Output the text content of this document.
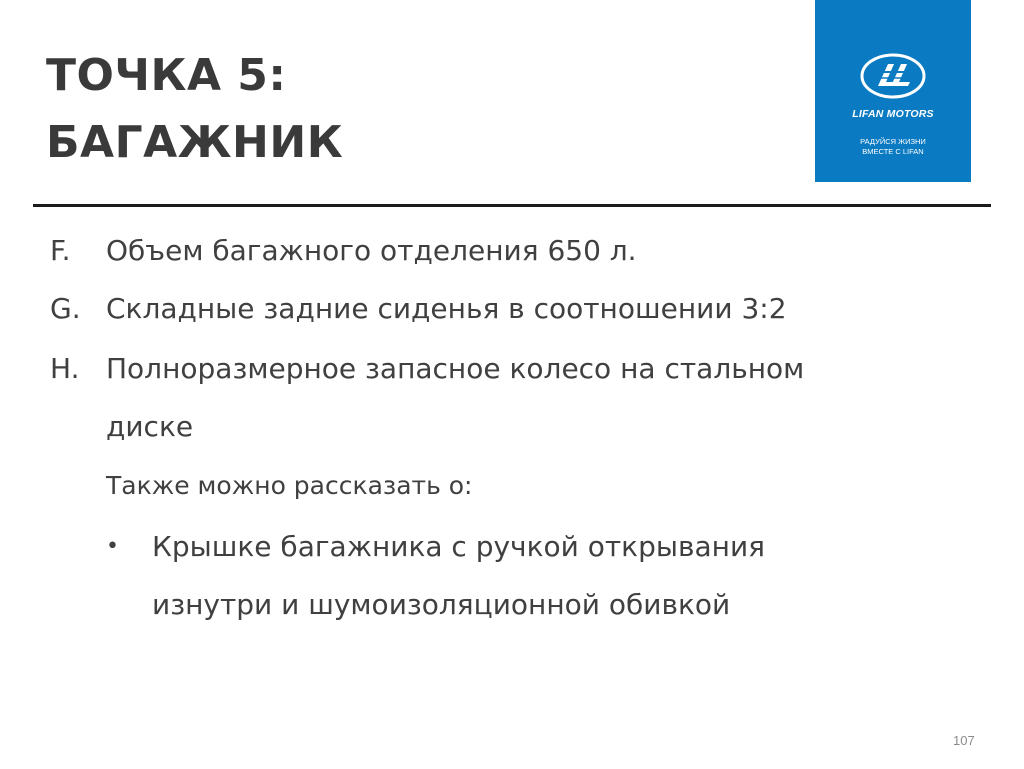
ТОЧКА 5:
БАГАЖНИК
LIFAN MOTORS
РАДУЙСЯ ЖИЗНИ
ВМЕСТЕ С LIFAN
F. Объем багажного отделения 650 л.
G. Складные задние сиденья в соотношении 3:2
H. Полноразмерное запасное колесо на стальном
диске
Также можно рассказать о:
• Крышке багажника с ручкой открывания
изнутри и шумоизоляционной обивкой
107
